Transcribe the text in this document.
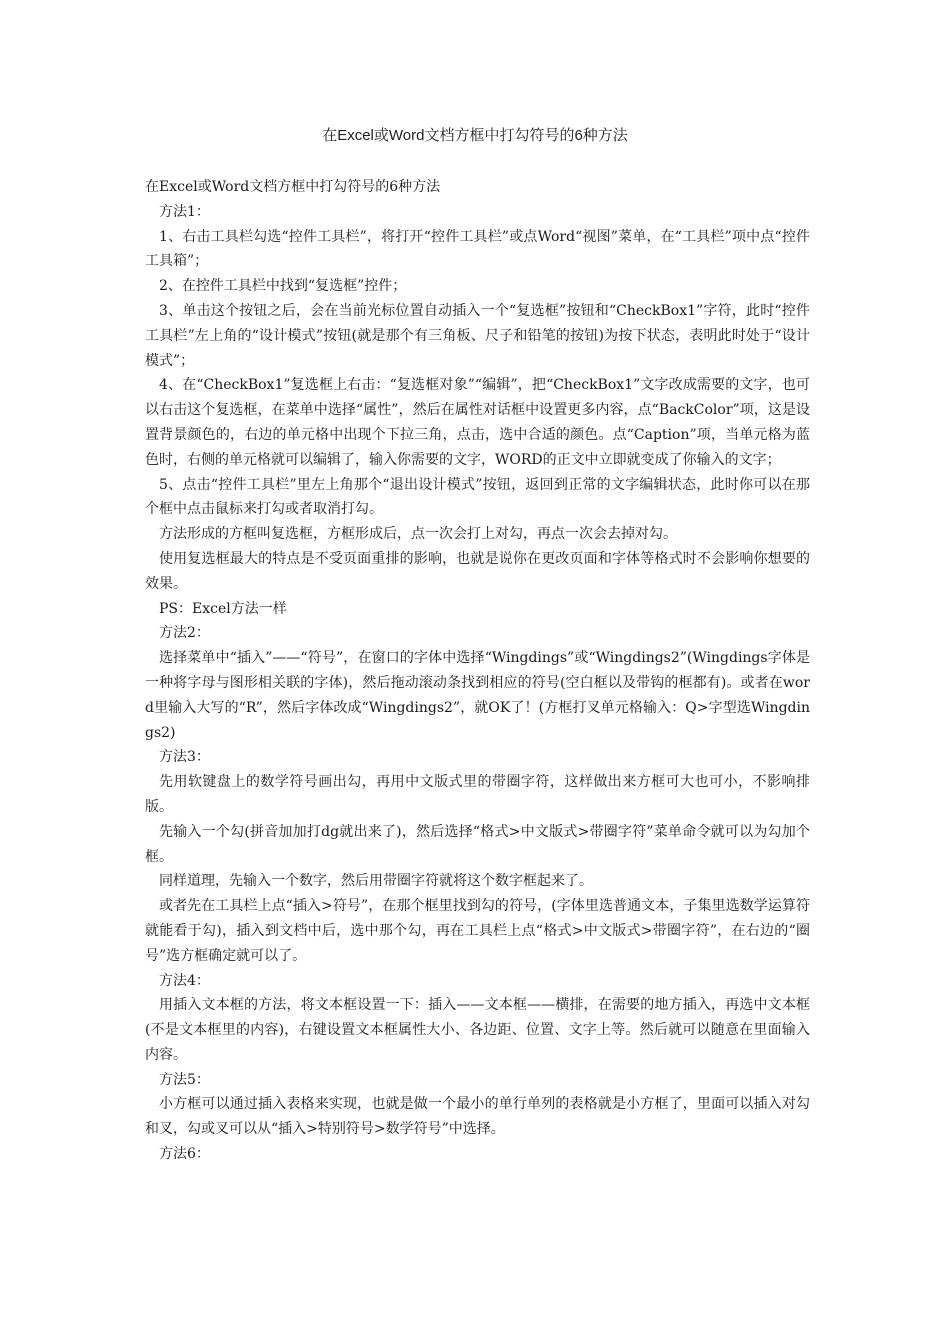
在Excel或Word文档方框中打勾符号的6种方法

在Excel或Word文档方框中打勾符号的6种方法

方法1：

1、右击工具栏勾选“控件工具栏”，将打开“控件工具栏”或点Word“视图”菜单，在“工具栏”项中点“控件工具箱”；

2、在控件工具栏中找到“复选框”控件；

3、单击这个按钮之后，会在当前光标位置自动插入一个“复选框”按钮和“CheckBox1”字符，此时“控件工具栏”左上角的“设计模式”按钮(就是那个有三角板、尺子和铅笔的按钮)为按下状态，表明此时处于“设计模式”；

4、在“CheckBox1”复选框上右击：“复选框对象”“编辑”，把“CheckBox1”文字改成需要的文字，也可以右击这个复选框，在菜单中选择“属性”，然后在属性对话框中设置更多内容，点“BackColor”项，这是设置背景颜色的，右边的单元格中出现个下拉三角，点击，选中合适的颜色。点“Caption”项，当单元格为蓝色时，右侧的单元格就可以编辑了，输入你需要的文字，WORD的正文中立即就变成了你输入的文字；

5、点击“控件工具栏”里左上角那个“退出设计模式”按钮，返回到正常的文字编辑状态，此时你可以在那个框中点击鼠标来打勾或者取消打勾。

方法形成的方框叫复选框，方框形成后，点一次会打上对勾，再点一次会去掉对勾。

使用复选框最大的特点是不受页面重排的影响，也就是说你在更改页面和字体等格式时不会影响你想要的效果。

PS：Excel方法一样

方法2：

选择菜单中“插入”——“符号”，在窗口的字体中选择“Wingdings”或“Wingdings2”(Wingdings字体是一种将字母与图形相关联的字体)，然后拖动滚动条找到相应的符号(空白框以及带钩的框都有)。或者在word里输入大写的“R”，然后字体改成“Wingdings2”，就OK了！(方框打叉单元格输入：Q>字型选Wingdings2)

方法3：

先用软键盘上的数学符号画出勾，再用中文版式里的带圈字符，这样做出来方框可大也可小，不影响排版。

先输入一个勾(拼音加加打dg就出来了)，然后选择“格式>中文版式>带圈字符”菜单命令就可以为勾加个框。

同样道理，先输入一个数字，然后用带圈字符就将这个数字框起来了。

或者先在工具栏上点“插入>符号”，在那个框里找到勾的符号，(字体里选普通文本，子集里选数学运算符就能看于勾)，插入到文档中后，选中那个勾，再在工具栏上点“格式>中文版式>带圈字符”，在右边的“圈号”选方框确定就可以了。

方法4：

用插入文本框的方法，将文本框设置一下：插入——文本框——横排，在需要的地方插入，再选中文本框(不是文本框里的内容)，右键设置文本框属性大小、各边距、位置、文字上等。然后就可以随意在里面输入内容。

方法5：

小方框可以通过插入表格来实现，也就是做一个最小的单行单列的表格就是小方框了，里面可以插入对勾和叉，勾或叉可以从“插入>特别符号>数学符号”中选择。

方法6：
